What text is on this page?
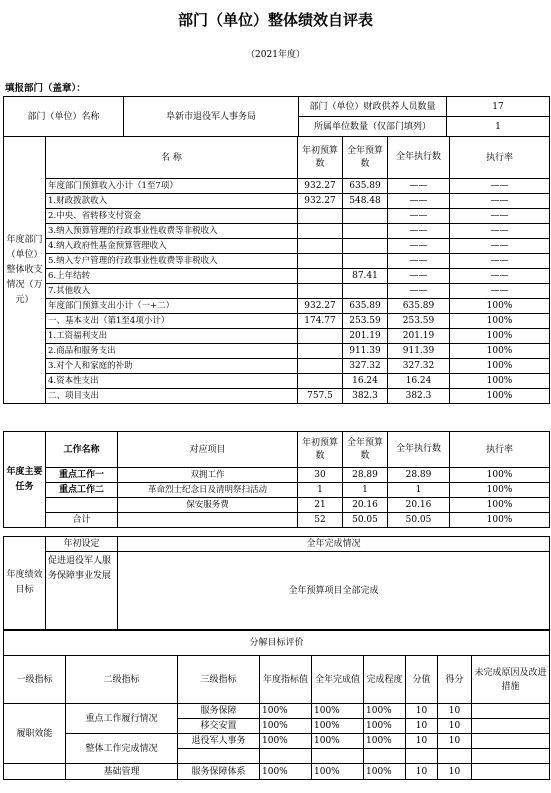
部门（单位）整体绩效自评表
（2021年度）
填报部门（盖章）：
部门（单位）名称	阜新市退役军人事务局	部门（单位）财政供养人员数量	17
		所属单位数量（仅部门填列）	1
年度部门（单位）整体收支情况（万元）	名 称	年初预算数	全年预算数	全年执行数	执行率
	年度部门预算收入小计（1至7项）	932.27	635.89	——	——
	1.财政拨款收入	932.27	548.48	——	——
	2.中央、省转移支付资金			——	——
	3.纳入预算管理的行政事业性收费等非税收入			——	——
	4.纳入政府性基金预算管理收入			——	——
	5.纳入专户管理的行政事业性收费等非税收入			——	——
	6.上年结转		87.41	——	——
	7.其他收入			——	——
	年度部门预算支出小计（一+二）	932.27	635.89	635.89	100%
	一、基本支出（第1至4项小计）	174.77	253.59	253.59	100%
	1.工资福利支出		201.19	201.19	100%
	2.商品和服务支出		911.39	911.39	100%
	3.对个人和家庭的补助		327.32	327.32	100%
	4.资本性支出		16.24	16.24	100%
	二、项目支出	757.5	382.3	382.3	100%
年度主要任务	工作名称	对应项目	年初预算数	全年预算数	全年执行数	执行率
	重点工作一	双拥工作	30	28.89	28.89	100%
	重点工作二	革命烈士纪念日及清明祭扫活动	1	1	1	100%
		保安服务费	21	20.16	20.16	100%
	合计		52	50.05	50.05	100%
年度绩效目标	年初设定	全年完成情况
	促进退役军人服务保障事业发展	全年预算项目全部完成
分解目标评价								
一级指标	二级指标	三级指标	年度指标值	全年完成值	完成程度	分值	得分	未完成原因及改进措施
履职效能	重点工作履行情况	服务保障	100%	100%	100%	10	10	
		移交安置	100%	100%	100%	10	10	
	整体工作完成情况	退役军人事务	100%	100%	100%	10	10	

	基础管理	服务保障体系	100%	100%	100%	10	10	
